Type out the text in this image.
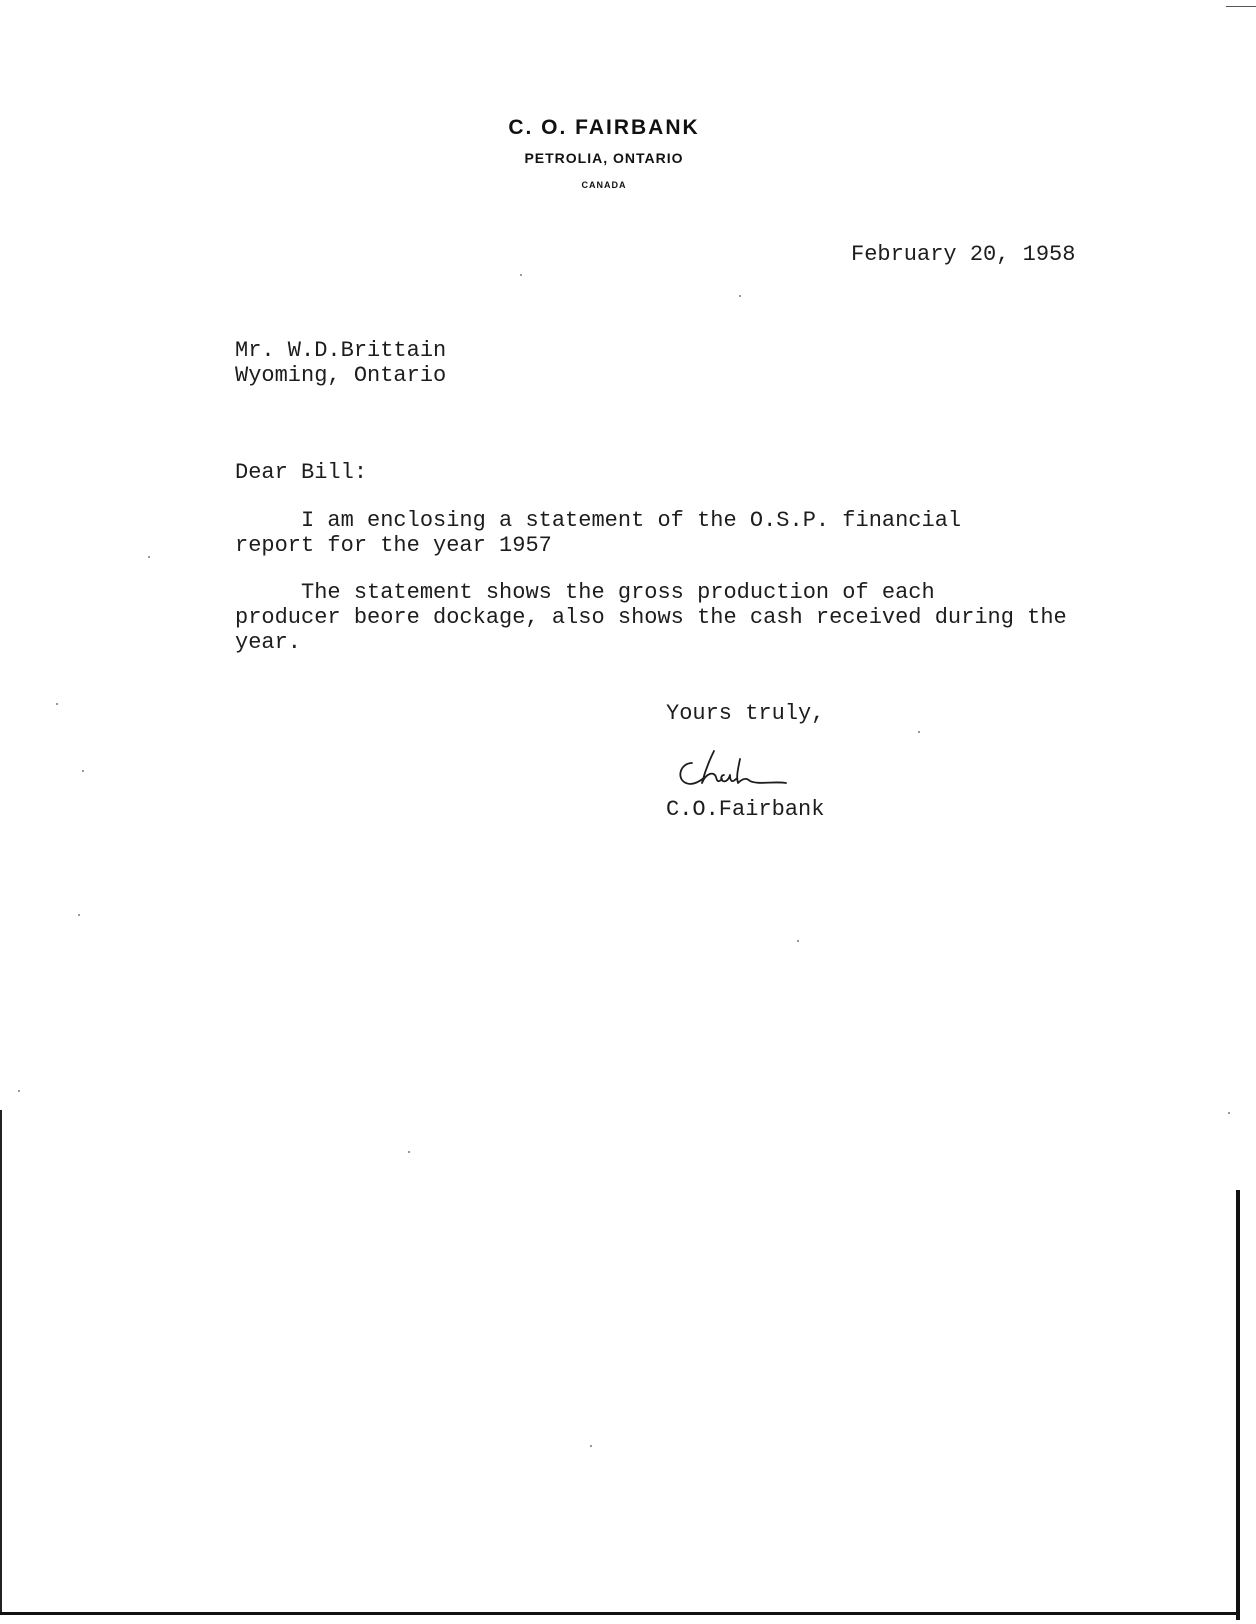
C. O. FAIRBANK
PETROLIA, ONTARIO
CANADA
February 20, 1958
Mr. W.D.Brittain
Wyoming, Ontario
Dear Bill:
I am enclosing a statement of the O.S.P. financial
report for the year 1957
The statement shows the gross production of each
producer beore dockage, also shows the cash received during the
year.
Yours truly,
C.O.Fairbank
